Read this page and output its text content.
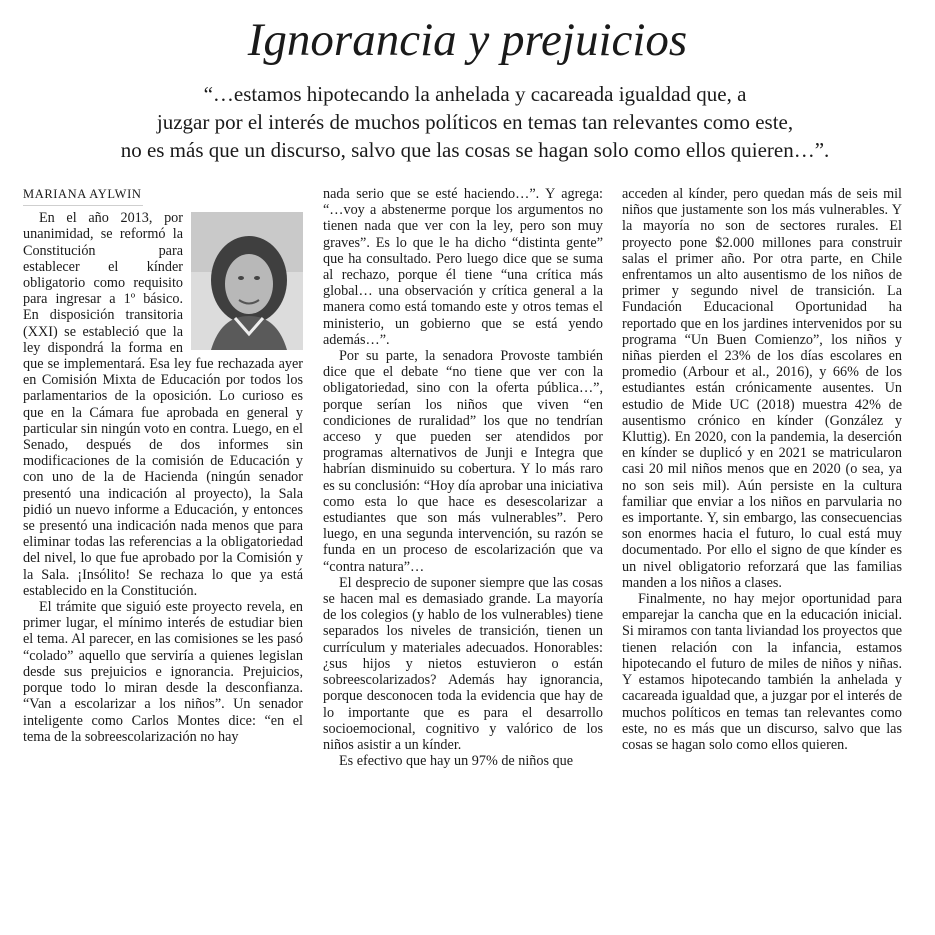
Ignorancia y prejuicios
“…estamos hipotecando la anhelada y cacareada igualdad que, a
juzgar por el interés de muchos políticos en temas tan relevantes como este,
no es más que un discurso, salvo que las cosas se hagan solo como ellos quieren…”.
MARIANA AYLWIN

En el año 2013, por unanimidad, se reformó la Constitución para establecer el kínder obligatorio como requisito para ingresar a 1º básico. En disposición transitoria (XXI) se estableció que la ley dispondrá la forma en que se implementará. Esa ley fue rechazada ayer en Comisión Mixta de Educación por todos los parlamentarios de la oposición. Lo curioso es que en la Cámara fue aprobada en general y particular sin ningún voto en contra. Luego, en el Senado, después de dos informes sin modificaciones de la comisión de Educación y con uno de la de Hacienda (ningún senador presentó una indicación al proyecto), la Sala pidió un nuevo informe a Educación, y entonces se presentó una indicación nada menos que para eliminar todas las referencias a la obligatoriedad del nivel, lo que fue aprobado por la Comisión y la Sala. ¡Insólito! Se rechaza lo que ya está establecido en la Constitución.

El trámite que siguió este proyecto revela, en primer lugar, el mínimo interés de estudiar bien el tema. Al parecer, en las comisiones se les pasó “colado” aquello que serviría a quienes legislan desde sus prejuicios e ignorancia. Prejuicios, porque todo lo miran desde la desconfianza. “Van a escolarizar a los niños”. Un senador inteligente como Carlos Montes dice: “en el tema de la sobreescolarización no hay

nada serio que se esté haciendo…”. Y agrega: “…voy a abstenerme porque los argumentos no tienen nada que ver con la ley, pero son muy graves”. Es lo que le ha dicho “distinta gente” que ha consultado. Pero luego dice que se suma al rechazo, porque él tiene “una crítica más global… una observación y crítica general a la manera como está tomando este y otros temas el ministerio, un gobierno que se está yendo además…”.

Por su parte, la senadora Provoste también dice que el debate “no tiene que ver con la obligatoriedad, sino con la oferta pública…”, porque serían los niños que viven “en condiciones de ruralidad” los que no tendrían acceso y que pueden ser atendidos por programas alternativos de Junji e Integra que habrían disminuido su cobertura. Y lo más raro es su conclusión: “Hoy día aprobar una iniciativa como esta lo que hace es desescolarizar a estudiantes que son más vulnerables”. Pero luego, en una segunda intervención, su razón se funda en un proceso de escolarización que va “contra natura”…

El desprecio de suponer siempre que las cosas se hacen mal es demasiado grande. La mayoría de los colegios (y hablo de los vulnerables) tiene separados los niveles de transición, tienen un currículum y materiales adecuados. Honorables: ¿sus hijos y nietos estuvieron o están sobreescolarizados? Además hay ignorancia, porque desconocen toda la evidencia que hay de lo importante que es para el desarrollo socioemocional, cognitivo y valórico de los niños asistir a un kínder.

Es efectivo que hay un 97% de niños que

acceden al kínder, pero quedan más de seis mil niños que justamente son los más vulnerables. Y la mayoría no son de sectores rurales. El proyecto pone $2.000 millones para construir salas el primer año. Por otra parte, en Chile enfrentamos un alto ausentismo de los niños de primer y segundo nivel de transición. La Fundación Educacional Oportunidad ha reportado que en los jardines intervenidos por su programa “Un Buen Comienzo”, los niños y niñas pierden el 23% de los días escolares en promedio (Arbour et al., 2016), y 66% de los estudiantes están crónicamente ausentes. Un estudio de Mide UC (2018) muestra 42% de ausentismo crónico en kínder (González y Kluttig). En 2020, con la pandemia, la deserción en kínder se duplicó y en 2021 se matricularon casi 20 mil niños menos que en 2020 (o sea, ya no son seis mil). Aún persiste en la cultura familiar que enviar a los niños en parvularia no es importante. Y, sin embargo, las consecuencias son enormes hacia el futuro, lo cual está muy documentado. Por ello el signo de que kínder es un nivel obligatorio reforzará que las familias manden a los niños a clases.

Finalmente, no hay mejor oportunidad para emparejar la cancha que en la educación inicial. Si miramos con tanta liviandad los proyectos que tienen relación con la infancia, estamos hipotecando el futuro de miles de niños y niñas. Y estamos hipotecando también la anhelada y cacareada igualdad que, a juzgar por el interés de muchos políticos en temas tan relevantes como este, no es más que un discurso, salvo que las cosas se hagan solo como ellos quieren.
